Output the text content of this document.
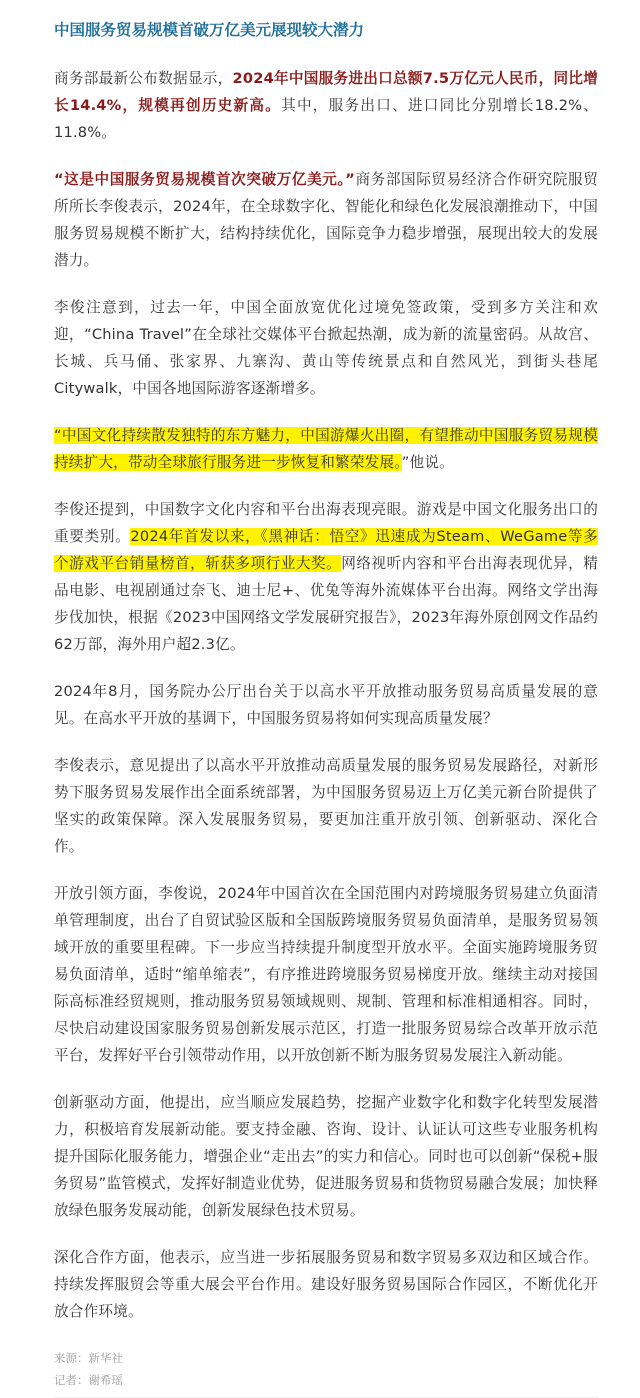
中国服务贸易规模首破万亿美元展现较大潜力

商务部最新公布数据显示，2024年中国服务进出口总额7.5万亿元人民币，同比增长14.4%，规模再创历史新高。其中，服务出口、进口同比分别增长18.2%、11.8%。

“这是中国服务贸易规模首次突破万亿美元。”商务部国际贸易经济合作研究院服贸所所长李俊表示，2024年，在全球数字化、智能化和绿色化发展浪潮推动下，中国服务贸易规模不断扩大，结构持续优化，国际竞争力稳步增强，展现出较大的发展潜力。

李俊注意到，过去一年，中国全面放宽优化过境免签政策，受到多方关注和欢迎，“China Travel”在全球社交媒体平台掀起热潮，成为新的流量密码。从故宫、长城、兵马俑、张家界、九寨沟、黄山等传统景点和自然风光，到街头巷尾Citywalk，中国各地国际游客逐渐增多。

“中国文化持续散发独特的东方魅力，中国游爆火出圈，有望推动中国服务贸易规模持续扩大，带动全球旅行服务进一步恢复和繁荣发展。”他说。

李俊还提到，中国数字文化内容和平台出海表现亮眼。游戏是中国文化服务出口的重要类别。2024年首发以来，《黑神话：悟空》迅速成为Steam、WeGame等多个游戏平台销量榜首，斩获多项行业大奖。网络视听内容和平台出海表现优异，精品电影、电视剧通过奈飞、迪士尼+、优兔等海外流媒体平台出海。网络文学出海步伐加快，根据《2023中国网络文学发展研究报告》，2023年海外原创网文作品约62万部，海外用户超2.3亿。

2024年8月，国务院办公厅出台关于以高水平开放推动服务贸易高质量发展的意见。在高水平开放的基调下，中国服务贸易将如何实现高质量发展？

李俊表示，意见提出了以高水平开放推动高质量发展的服务贸易发展路径，对新形势下服务贸易发展作出全面系统部署，为中国服务贸易迈上万亿美元新台阶提供了坚实的政策保障。深入发展服务贸易，要更加注重开放引领、创新驱动、深化合作。

开放引领方面，李俊说，2024年中国首次在全国范围内对跨境服务贸易建立负面清单管理制度，出台了自贸试验区版和全国版跨境服务贸易负面清单，是服务贸易领域开放的重要里程碑。下一步应当持续提升制度型开放水平。全面实施跨境服务贸易负面清单，适时“缩单缩表”，有序推进跨境服务贸易梯度开放。继续主动对接国际高标准经贸规则，推动服务贸易领域规则、规制、管理和标准相通相容。同时，尽快启动建设国家服务贸易创新发展示范区，打造一批服务贸易综合改革开放示范平台，发挥好平台引领带动作用，以开放创新不断为服务贸易发展注入新动能。

创新驱动方面，他提出，应当顺应发展趋势，挖掘产业数字化和数字化转型发展潜力，积极培育发展新动能。要支持金融、咨询、设计、认证认可这些专业服务机构提升国际化服务能力，增强企业“走出去”的实力和信心。同时也可以创新“保税+服务贸易”监管模式，发挥好制造业优势，促进服务贸易和货物贸易融合发展；加快释放绿色服务发展动能，创新发展绿色技术贸易。

深化合作方面，他表示，应当进一步拓展服务贸易和数字贸易多双边和区域合作。持续发挥服贸会等重大展会平台作用。建设好服务贸易国际合作园区，不断优化开放合作环境。

来源：新华社

记者：谢希瑶
